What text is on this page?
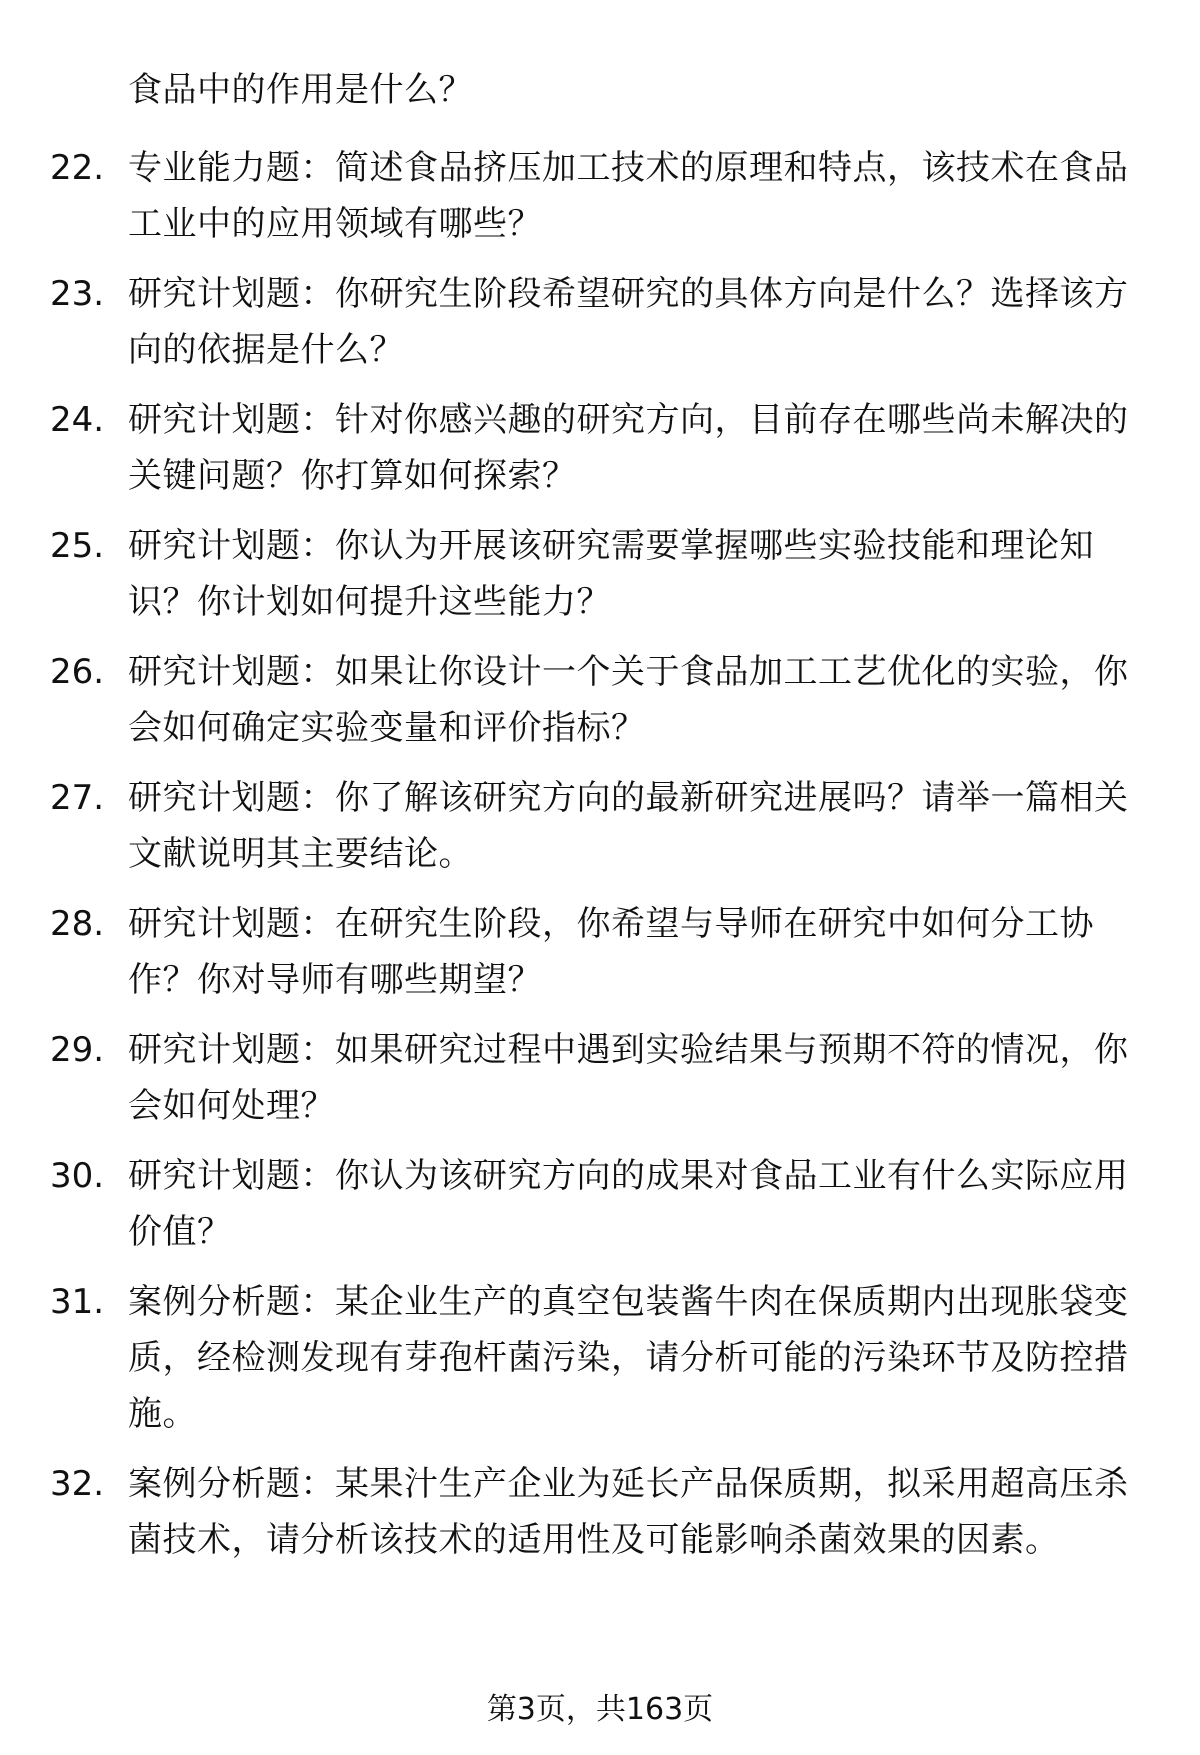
食品中的作用是什么？
22. 专业能力题：简述食品挤压加工技术的原理和特点，该技术在食品工业中的应用领域有哪些？
23. 研究计划题：你研究生阶段希望研究的具体方向是什么？选择该方向的依据是什么？
24. 研究计划题：针对你感兴趣的研究方向，目前存在哪些尚未解决的关键问题？你打算如何探索？
25. 研究计划题：你认为开展该研究需要掌握哪些实验技能和理论知识？你计划如何提升这些能力？
26. 研究计划题：如果让你设计一个关于食品加工工艺优化的实验，你会如何确定实验变量和评价指标？
27. 研究计划题：你了解该研究方向的最新研究进展吗？请举一篇相关文献说明其主要结论。
28. 研究计划题：在研究生阶段，你希望与导师在研究中如何分工协作？你对导师有哪些期望？
29. 研究计划题：如果研究过程中遇到实验结果与预期不符的情况，你会如何处理？
30. 研究计划题：你认为该研究方向的成果对食品工业有什么实际应用价值？
31. 案例分析题：某企业生产的真空包装酱牛肉在保质期内出现胀袋变质，经检测发现有芽孢杆菌污染，请分析可能的污染环节及防控措施。
32. 案例分析题：某果汁生产企业为延长产品保质期，拟采用超高压杀菌技术，请分析该技术的适用性及可能影响杀菌效果的因素。
第3页，共163页
